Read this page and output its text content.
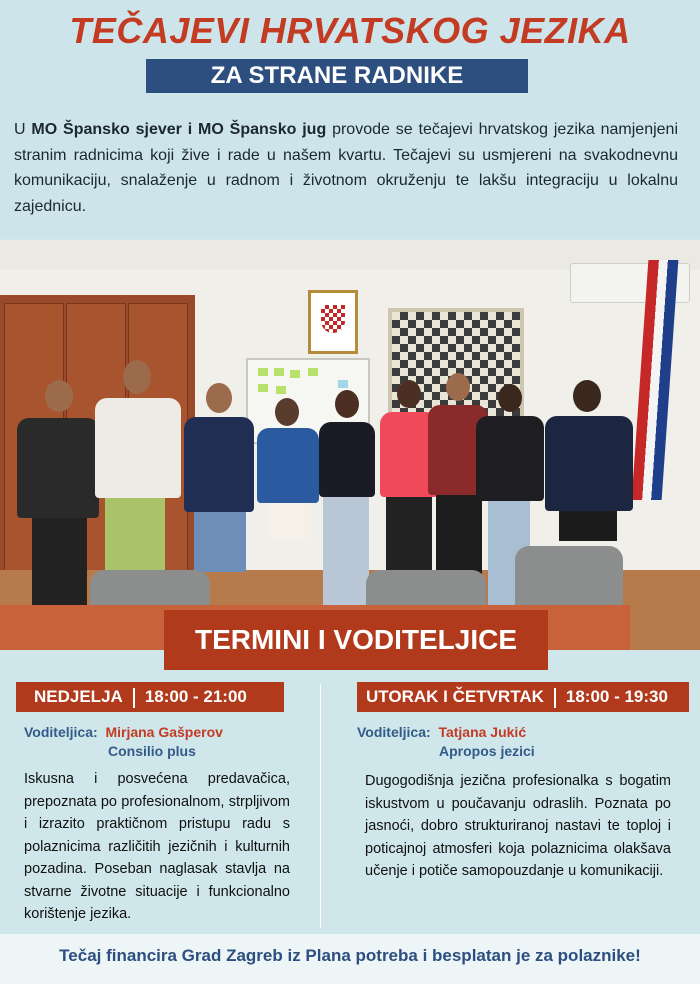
TEČAJEVI HRVATSKOG JEZIKA
ZA STRANE RADNIKE
U MO Špansko sjever i MO Špansko jug provode se tečajevi hrvatskog jezika namjenjeni stranim radnicima koji žive i rade u našem kvartu. Tečajevi su usmjereni na svakodnevnu komunikaciju, snalaženje u radnom i životnom okruženju te lakšu integraciju u lokalnu zajednicu.
TERMINI I VODITELJICE
NEDJELJA 18:00 - 21:00
Voditeljica: Mirjana Gašperov
Consilio plus
Iskusna i posvećena predavačica, prepoznata po profesionalnom, strpljivom i izrazito praktičnom pristupu radu s polaznicima različitih jezičnih i kulturnih pozadina. Poseban naglasak stavlja na stvarne životne situacije i funkcionalno korištenje jezika.
UTORAK I ČETVRTAK 18:00 - 19:30
Voditeljica: Tatjana Jukić
Apropos jezici
Dugogodišnja jezična profesionalka s bogatim iskustvom u poučavanju odraslih. Poznata po jasnoći, dobro strukturiranoj nastavi te toploj i poticajnoj atmosferi koja polaznicima olakšava učenje i potiče samopouzdanje u komunikaciji.
Tečaj financira Grad Zagreb iz Plana potreba i besplatan je za polaznike!
